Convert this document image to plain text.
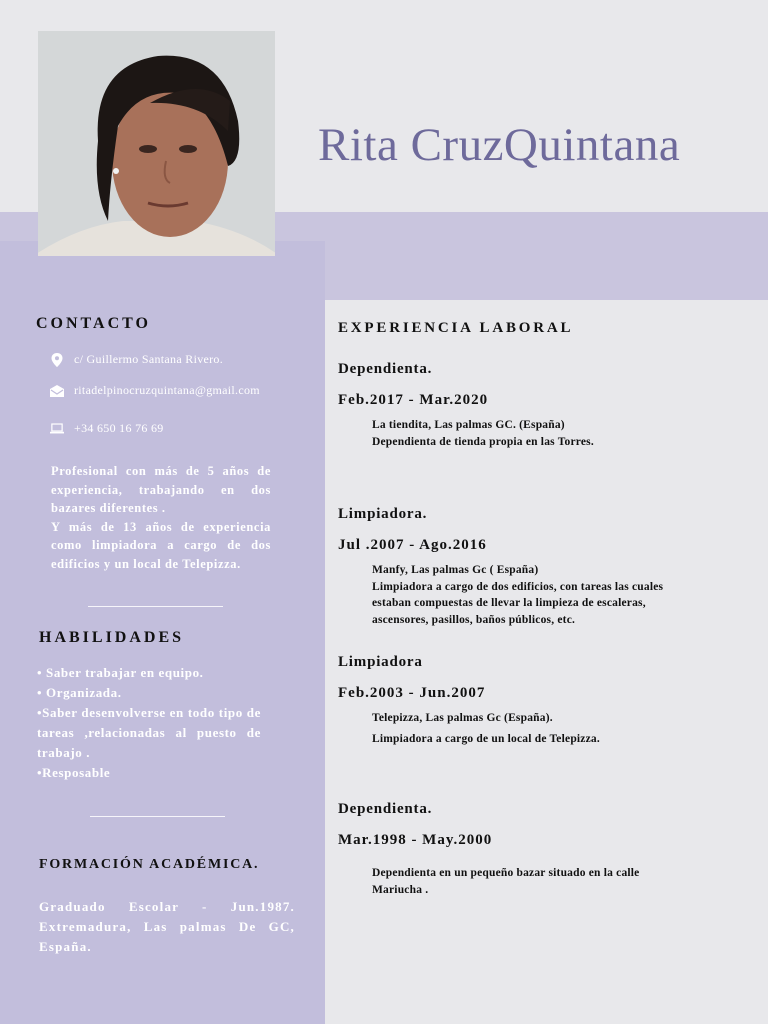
Rita CruzQuintana
CONTACTO
c/ Guillermo Santana Rivero.
ritadelpinocruzquintana@gmail.com
+34 650 16 76 69
Profesional con más de 5 años de experiencia, trabajando en dos bazares diferentes .
Y más de 13 años de experiencia como limpiadora a cargo de dos edificios y un local de Telepizza.
HABILIDADES
• Saber trabajar en equipo.
• Organizada.
•Saber desenvolverse en todo tipo de tareas ,relacionadas al puesto de trabajo .
•Resposable
FORMACIÓN ACADÉMICA.
Graduado Escolar - Jun.1987. Extremadura, Las palmas De GC, España.
EXPERIENCIA LABORAL
Dependienta.
Feb.2017 - Mar.2020
La tiendita, Las palmas GC. (España)
Dependienta de tienda propia en las Torres.
Limpiadora.
Jul .2007 - Ago.2016
Manfy, Las palmas Gc ( España)
Limpiadora a cargo de dos edificios, con tareas las cuales estaban compuestas de llevar la limpieza de escaleras, ascensores, pasillos, baños públicos, etc.
Limpiadora
Feb.2003 - Jun.2007
Telepizza, Las palmas Gc (España).
Limpiadora a cargo de un local de Telepizza.
Dependienta.
Mar.1998 - May.2000
Dependienta en un pequeño bazar situado en la calle Mariucha .
